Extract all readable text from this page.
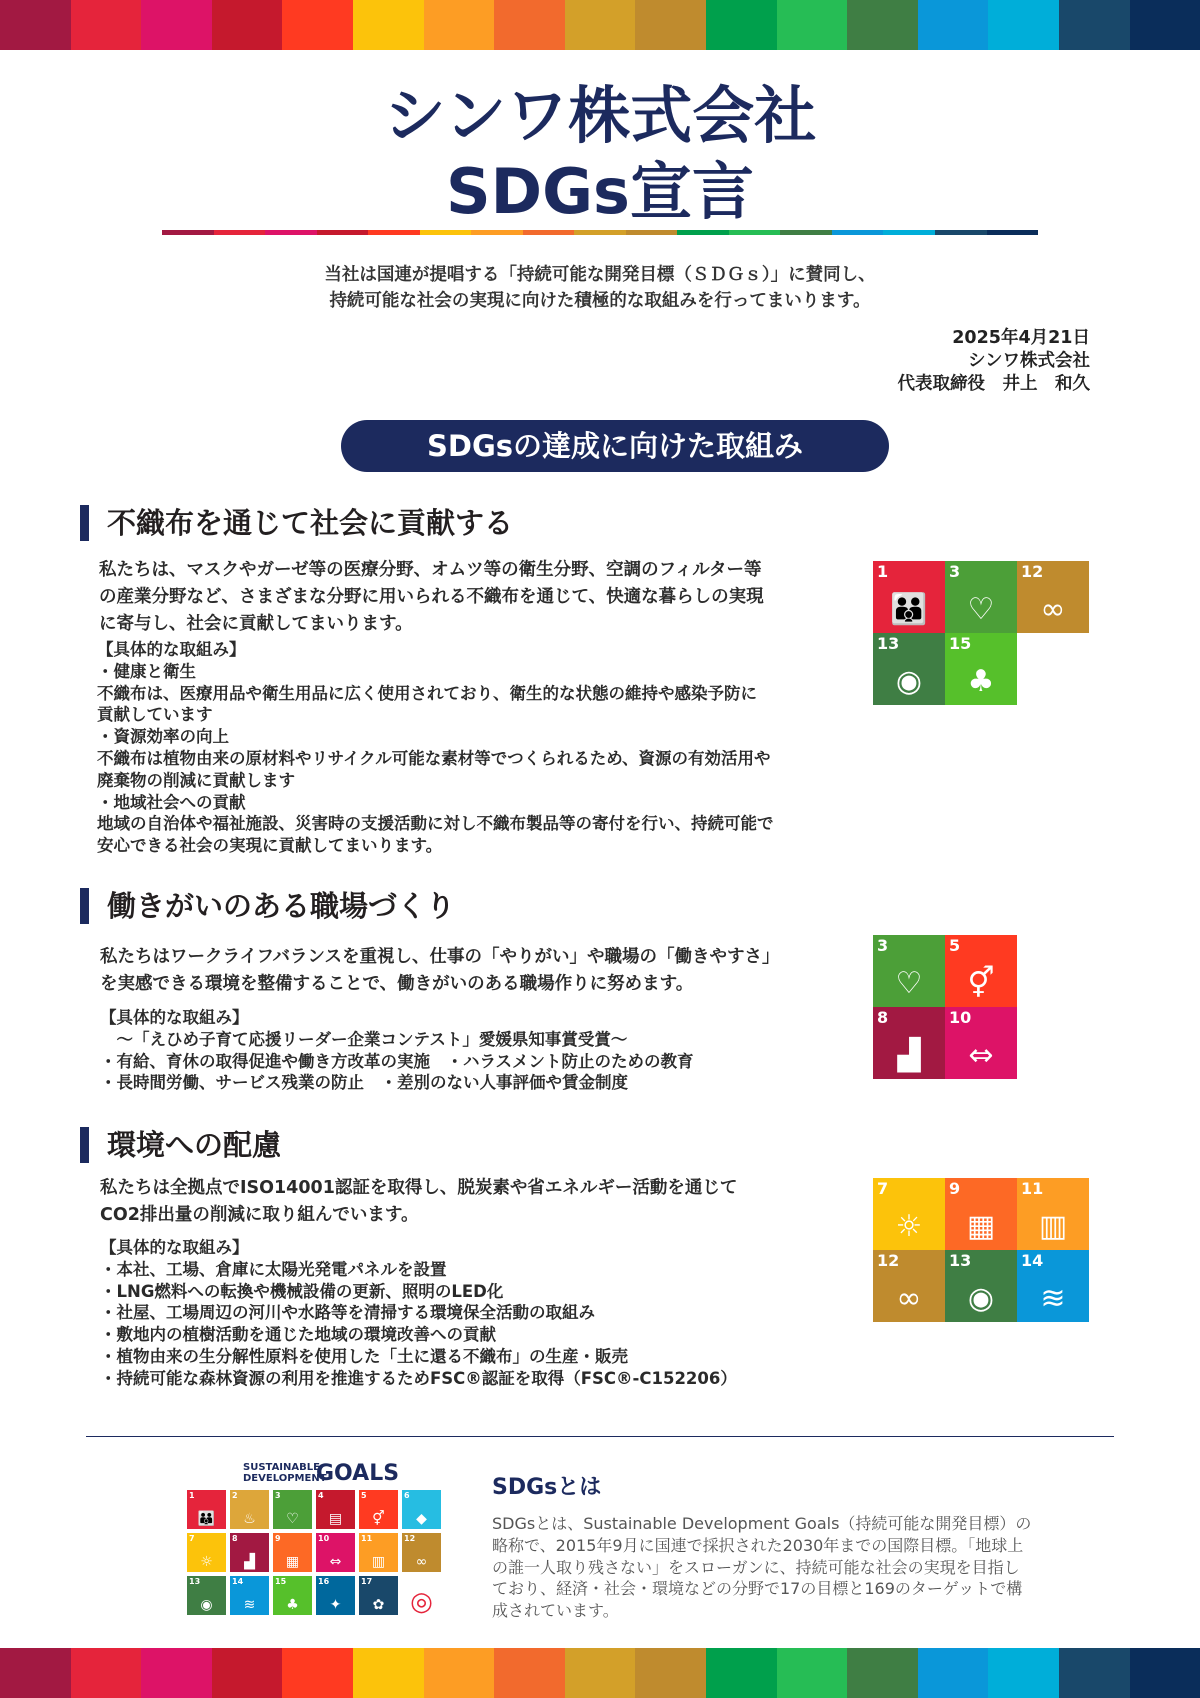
シンワ株式会社
SDGs宣言
当社は国連が提唱する「持続可能な開発目標（ＳＤＧｓ）」に賛同し、
持続可能な社会の実現に向けた積極的な取組みを行ってまいります。
2025年4月21日
シンワ株式会社
代表取締役　井上　和久
SDGsの達成に向けた取組み
不織布を通じて社会に貢献する
私たちは、マスクやガーゼ等の医療分野、オムツ等の衛生分野、空調のフィルター等
の産業分野など、さまざまな分野に用いられる不織布を通じて、快適な暮らしの実現
に寄与し、社会に貢献してまいります。
【具体的な取組み】
・健康と衛生
不織布は、医療用品や衛生用品に広く使用されており、衛生的な状態の維持や感染予防に
貢献しています
・資源効率の向上
不織布は植物由来の原材料やリサイクル可能な素材等でつくられるため、資源の有効活用や
廃棄物の削減に貢献します
・地域社会への貢献
地域の自治体や福祉施設、災害時の支援活動に対し不織布製品等の寄付を行い、持続可能で
安心できる社会の実現に貢献してまいります。
1
👪
3
♡
12
∞
13
◉
15
♣
働きがいのある職場づくり
私たちはワークライフバランスを重視し、仕事の「やりがい」や職場の「働きやすさ」
を実感できる環境を整備することで、働きがいのある職場作りに努めます。
【具体的な取組み】
　～「えひめ子育て応援リーダー企業コンテスト」愛媛県知事賞受賞～
・有給、育休の取得促進や働き方改革の実施　・ハラスメント防止のための教育
・長時間労働、サービス残業の防止　・差別のない人事評価や賃金制度
3
♡
5
⚥
8
▟
10
⇔
環境への配慮
私たちは全拠点でISO14001認証を取得し、脱炭素や省エネルギー活動を通じて
CO2排出量の削減に取り組んでいます。
【具体的な取組み】
・本社、工場、倉庫に太陽光発電パネルを設置
・LNG燃料への転換や機械設備の更新、照明のLED化
・社屋、工場周辺の河川や水路等を清掃する環境保全活動の取組み
・敷地内の植樹活動を通じた地域の環境改善への貢献
・植物由来の生分解性原料を使用した「土に還る不織布」の生産・販売
・持続可能な森林資源の利用を推進するためFSC®認証を取得（FSC®-C152206）
7
☼
9
▦
11
▥
12
∞
13
◉
14
≋
SUSTAINABLE
DEVELOPMENT
GOALS
1
👪
2
♨
3
♡
4
▤
5
⚥
6
◆
7
☼
8
▟
9
▦
10
⇔
11
▥
12
∞
13
◉
14
≋
15
♣
16
✦
17
✿ ◎
SDGsとは
SDGsとは、Sustainable Development Goals（持続可能な開発目標）の略称で、2015年9月に国連で採択された2030年までの国際目標。「地球上の誰一人取り残さない」をスローガンに、持続可能な社会の実現を目指しており、経済・社会・環境などの分野で17の目標と169のターゲットで構成されています。
